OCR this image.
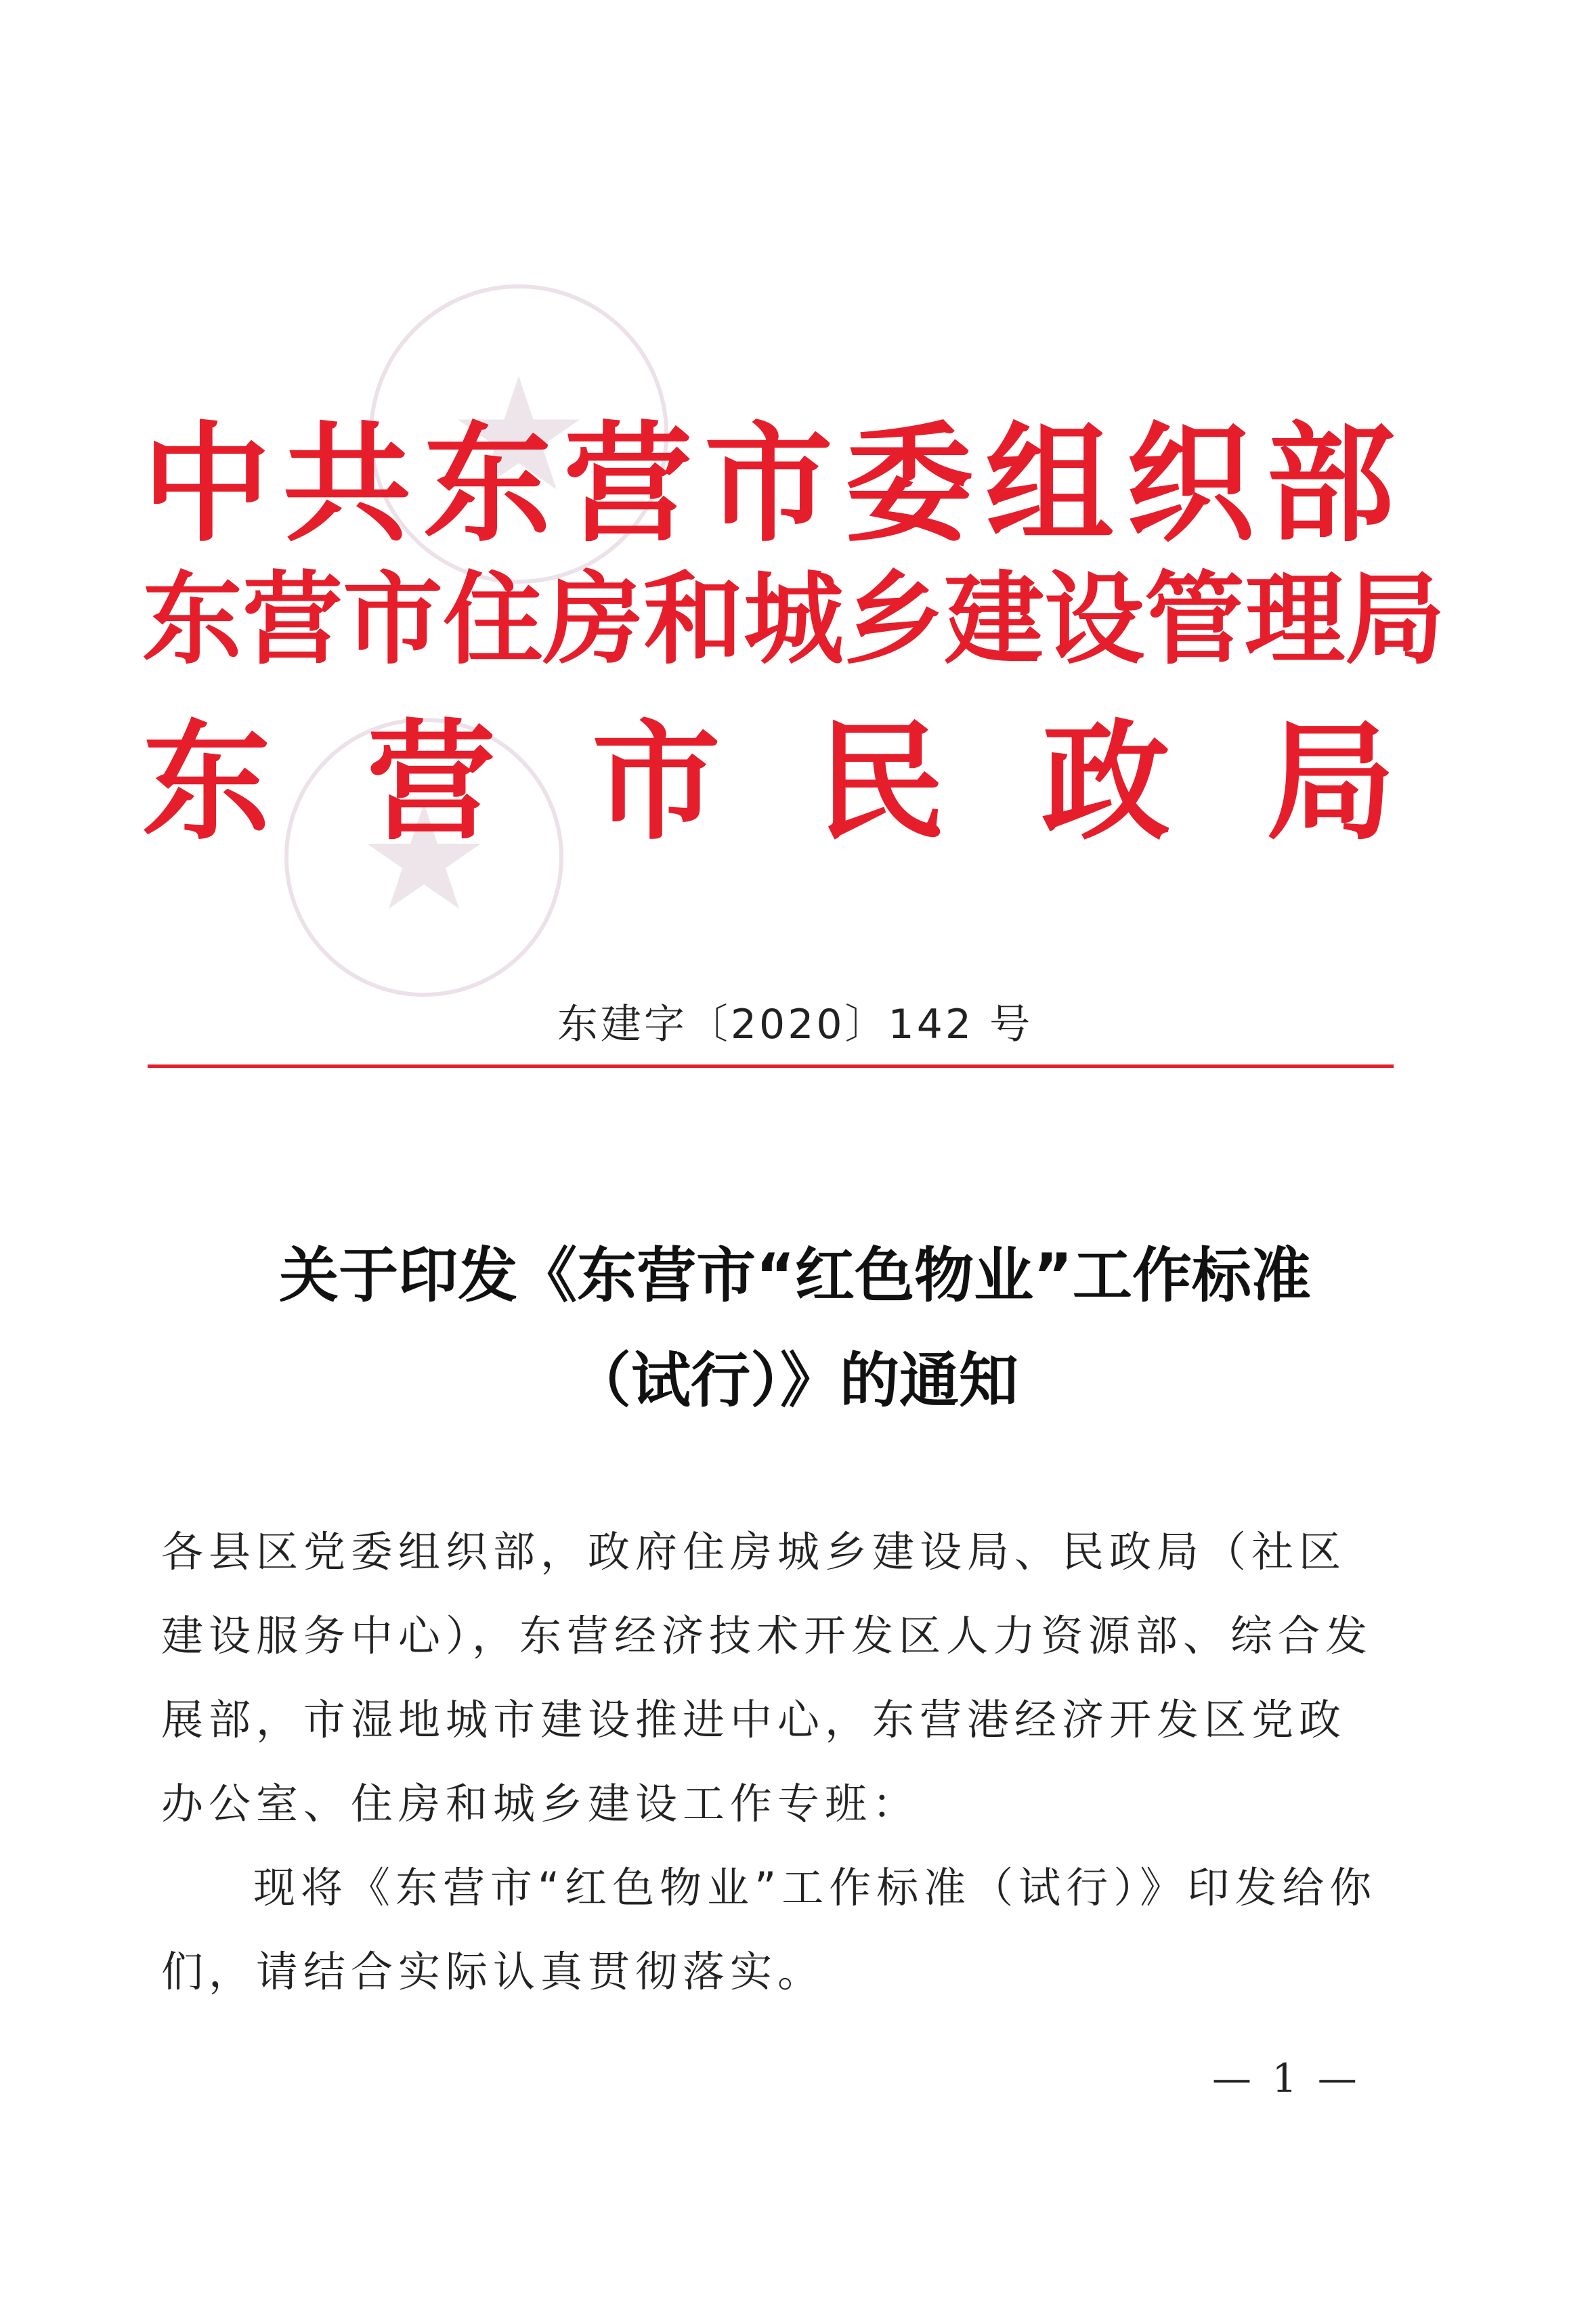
中 共 东 营 市 委 组 织 部
东 营 市 住 房 和 城 乡 建 设 管 理 局
东 营 市 民 政 局
东建字〔2020〕142 号
关于印发《东营市“红色物业”工作标准
（试行）》的通知
各县区党委组织部，政府住房城乡建设局、民政局（社区建设服务中心），东营经济技术开发区人力资源部、综合发展部，市湿地城市建设推进中心，东营港经济开发区党政办公室、住房和城乡建设工作专班：
现将《东营市“红色物业”工作标准（试行）》印发给你们，请结合实际认真贯彻落实。
— 1 —
